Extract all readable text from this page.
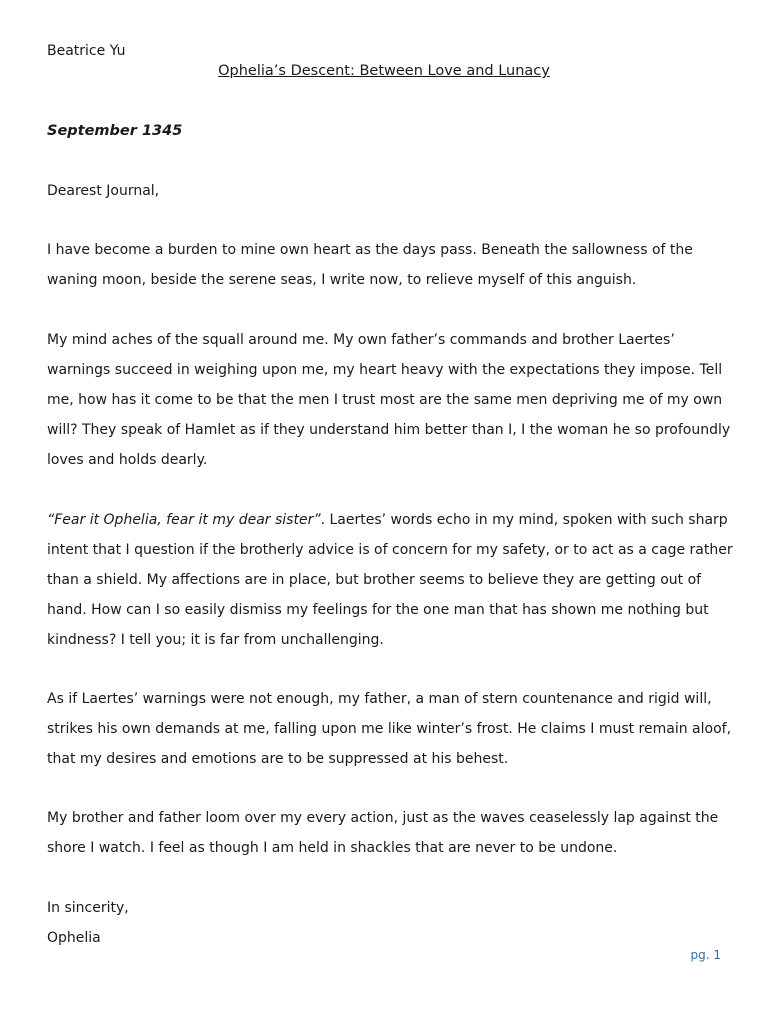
Beatrice Yu

Ophelia’s Descent: Between Love and Lunacy

September 1345

Dearest Journal,

I have become a burden to mine own heart as the days pass. Beneath the sallowness of the
waning moon, beside the serene seas, I write now, to relieve myself of this anguish.
My mind aches of the squall around me. My own father’s commands and brother Laertes’
warnings succeed in weighing upon me, my heart heavy with the expectations they impose. Tell
me, how has it come to be that the men I trust most are the same men depriving me of my own
will? They speak of Hamlet as if they understand him better than I, I the woman he so profoundly
loves and holds dearly.
“Fear it Ophelia, fear it my dear sister”. Laertes’ words echo in my mind, spoken with such sharp
intent that I question if the brotherly advice is of concern for my safety, or to act as a cage rather
than a shield. My affections are in place, but brother seems to believe they are getting out of
hand. How can I so easily dismiss my feelings for the one man that has shown me nothing but
kindness? I tell you; it is far from unchallenging.
As if Laertes’ warnings were not enough, my father, a man of stern countenance and rigid will,
strikes his own demands at me, falling upon me like winter’s frost. He claims I must remain aloof,
that my desires and emotions are to be suppressed at his behest.
My brother and father loom over my every action, just as the waves ceaselessly lap against the
shore I watch. I feel as though I am held in shackles that are never to be undone.

In sincerity,

Ophelia

pg. 1
